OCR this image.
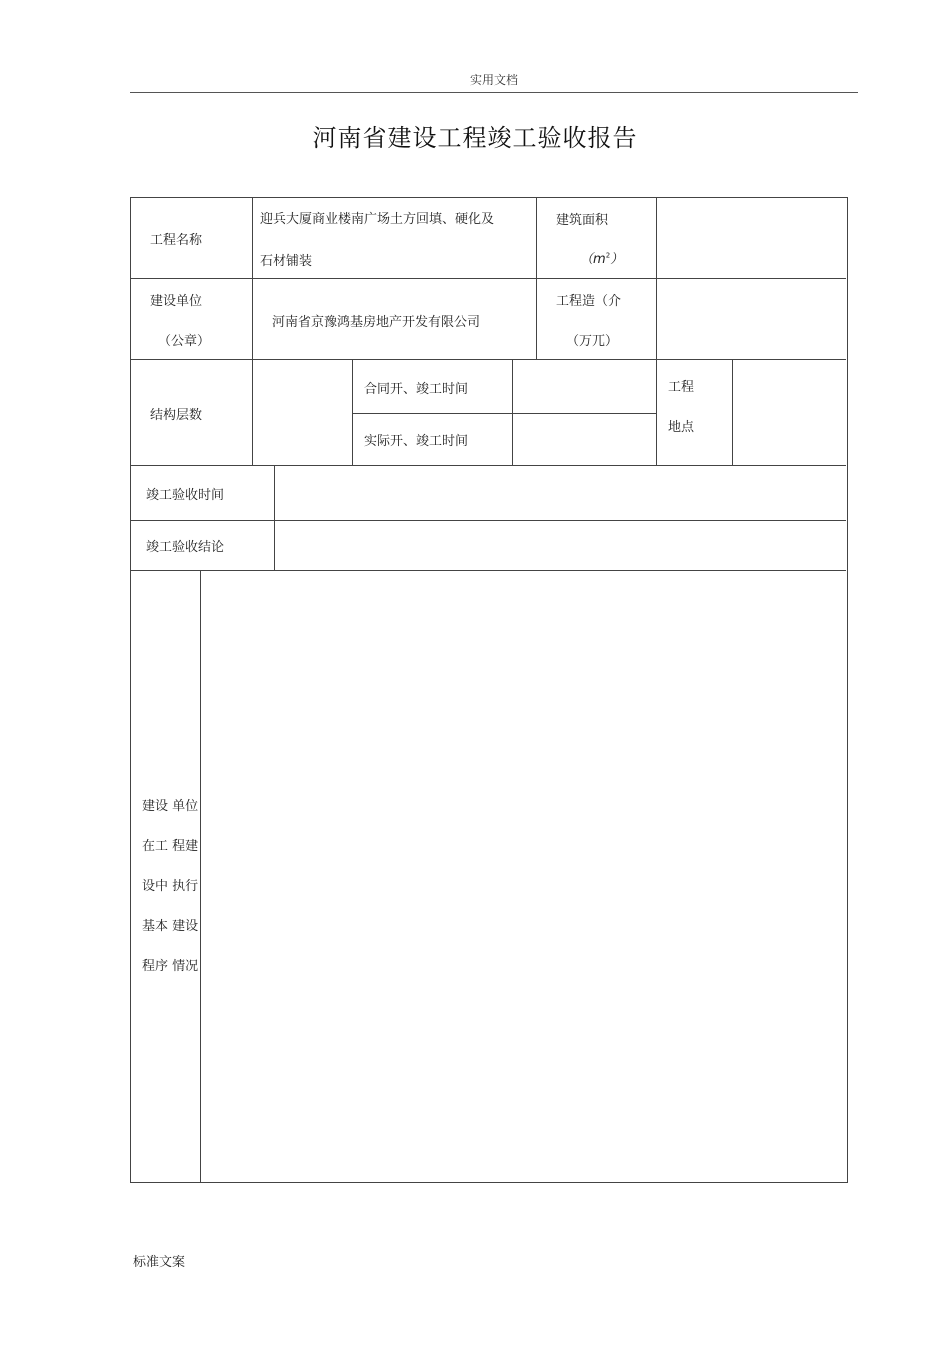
实用文档
河南省建设工程竣工验收报告
工程名称
迎兵大厦商业楼南广场土方回填、硬化及
石材铺装
建筑面积
$(m^2)$
建设单位
（公章）
河南省京豫鸿基房地产开发有限公司
工程造（介
（万兀）
结构层数
合同开、竣工时间
实际开、竣工时间
工程
地点
竣工验收时间
竣工验收结论
建设 单位
在工 程建
设中 执行
基本 建设
程序 情况
标准文案
